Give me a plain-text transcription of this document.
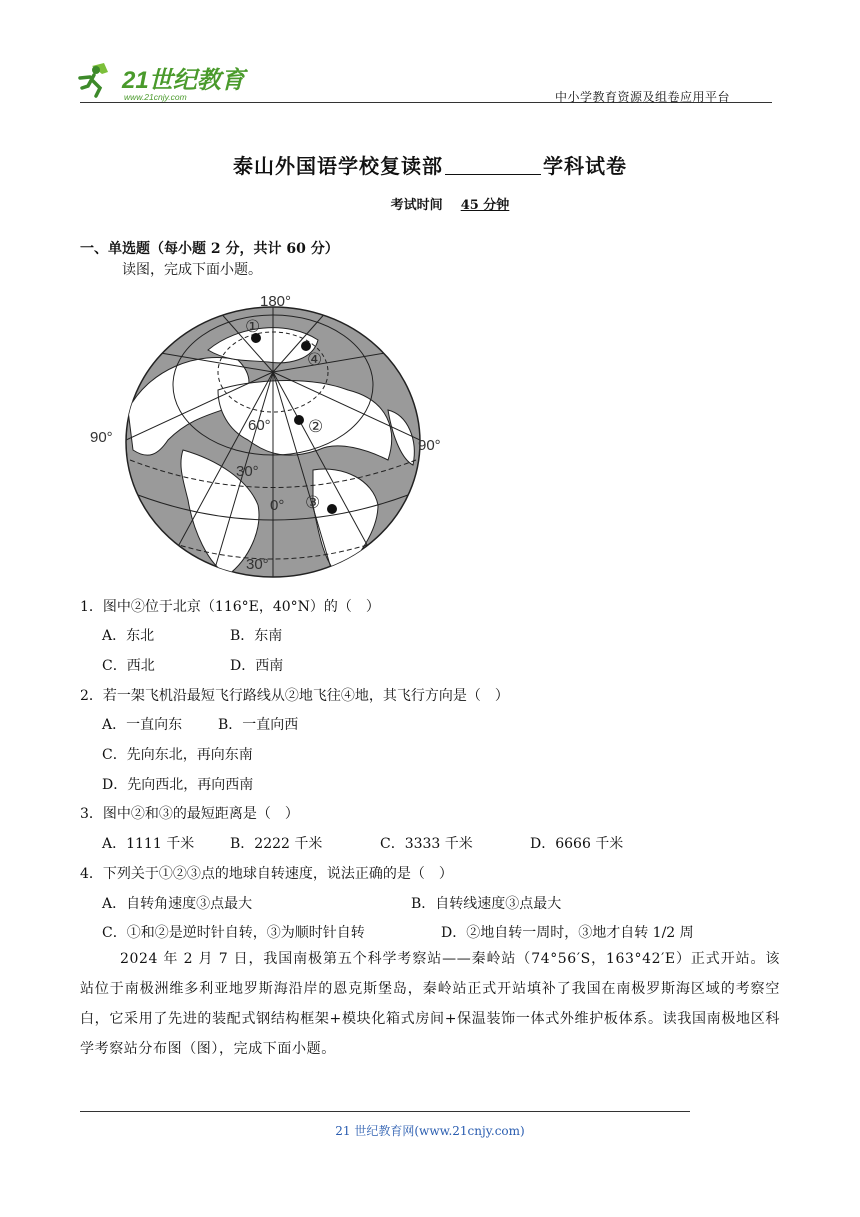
21世纪教育
www.21cnjy.com	中小学教育资源及组卷应用平台
泰山外国语学校复读部	学科试卷
考试时间 45 分钟
一、单选题（每小题 2 分，共计 60 分）
读图，完成下面小题。
180°
90°	90°
60°
30°
0°
30°
①
④
②
③
1．图中②位于北京（116°E，40°N）的（　）
A．东北	B．东南
C．西北	D．西南
2．若一架飞机沿最短飞行路线从②地飞往④地，其飞行方向是（　）
A．一直向东	B．一直向西
C．先向东北，再向东南
D．先向西北，再向西南
3．图中②和③的最短距离是（　）
A．1111 千米	B．2222 千米	C．3333 千米	D．6666 千米
4．下列关于①②③点的地球自转速度，说法正确的是（　）
A．自转角速度③点最大	B．自转线速度③点最大
C．①和②是逆时针自转，③为顺时针自转	D．②地自转一周时，③地才自转 1/2 周
2024 年 2 月 7 日，我国南极第五个科学考察站——秦岭站（74°56′S，163°42′E）正式开站。该站位于南极洲维多利亚地罗斯海沿岸的恩克斯堡岛，秦岭站正式开站填补了我国在南极罗斯海区域的考察空白，它采用了先进的装配式钢结构框架+模块化箱式房间+保温装饰一体式外维护板体系。读我国南极地区科学考察站分布图（图），完成下面小题。
21 世纪教育网(www.21cnjy.com)
